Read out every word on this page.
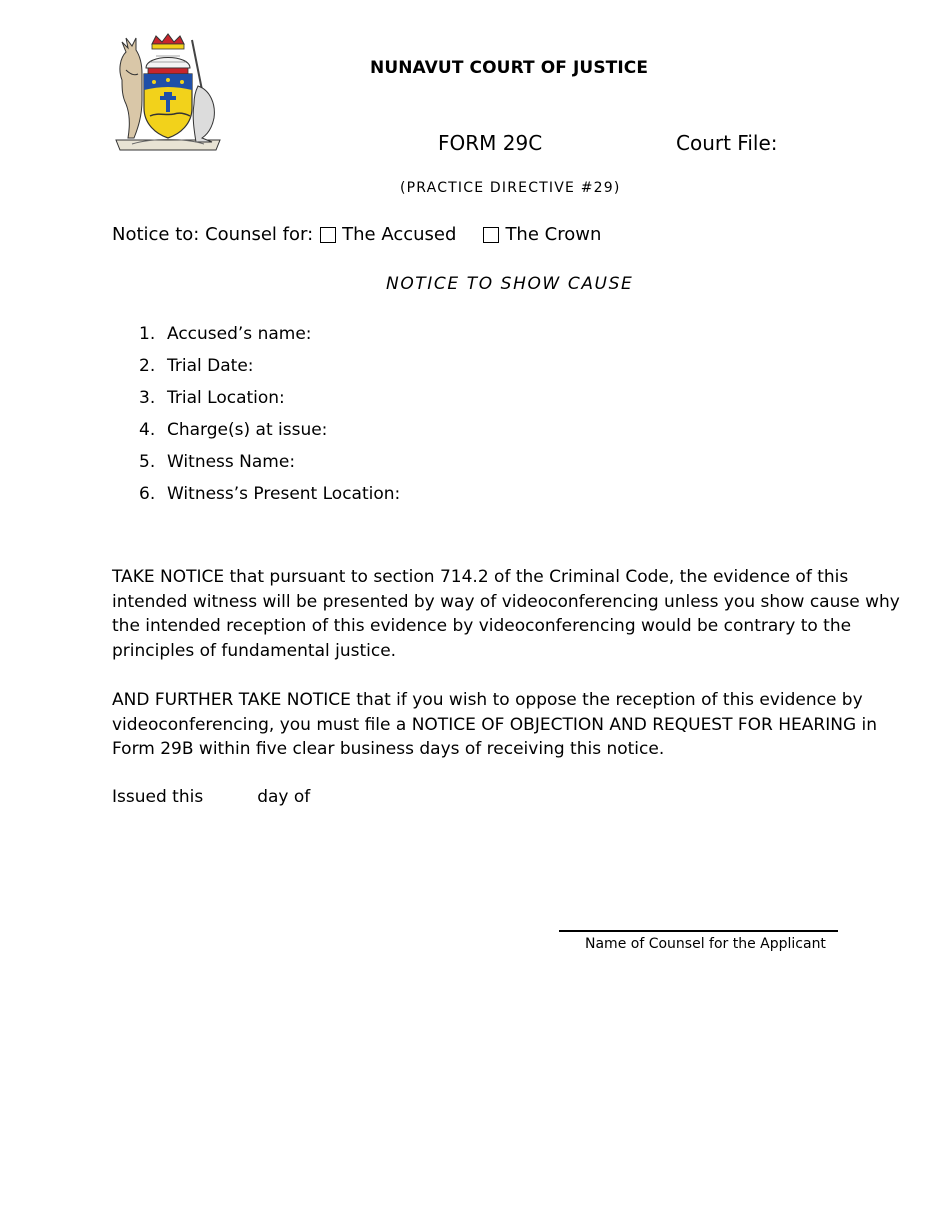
NUNAVUT COURT OF JUSTICE
FORM 29C	Court File:
(PRACTICE DIRECTIVE #29)
Notice to: Counsel for: The Accused	The Crown
NOTICE TO SHOW CAUSE
1. Accused’s name:
2. Trial Date:
3. Trial Location:
4. Charge(s) at issue:
5. Witness Name:
6. Witness’s Present Location:

TAKE NOTICE that pursuant to section 714.2 of the Criminal Code, the evidence of this intended witness will be presented by way of videoconferencing unless you show cause why the intended reception of this evidence by videoconferencing would be contrary to the principles of fundamental justice.

AND FURTHER TAKE NOTICE that if you wish to oppose the reception of this evidence by videoconferencing, you must file a NOTICE OF OBJECTION AND REQUEST FOR HEARING in Form 29B within five clear business days of receiving this notice.

Issued this	day of
Name of Counsel for the Applicant
